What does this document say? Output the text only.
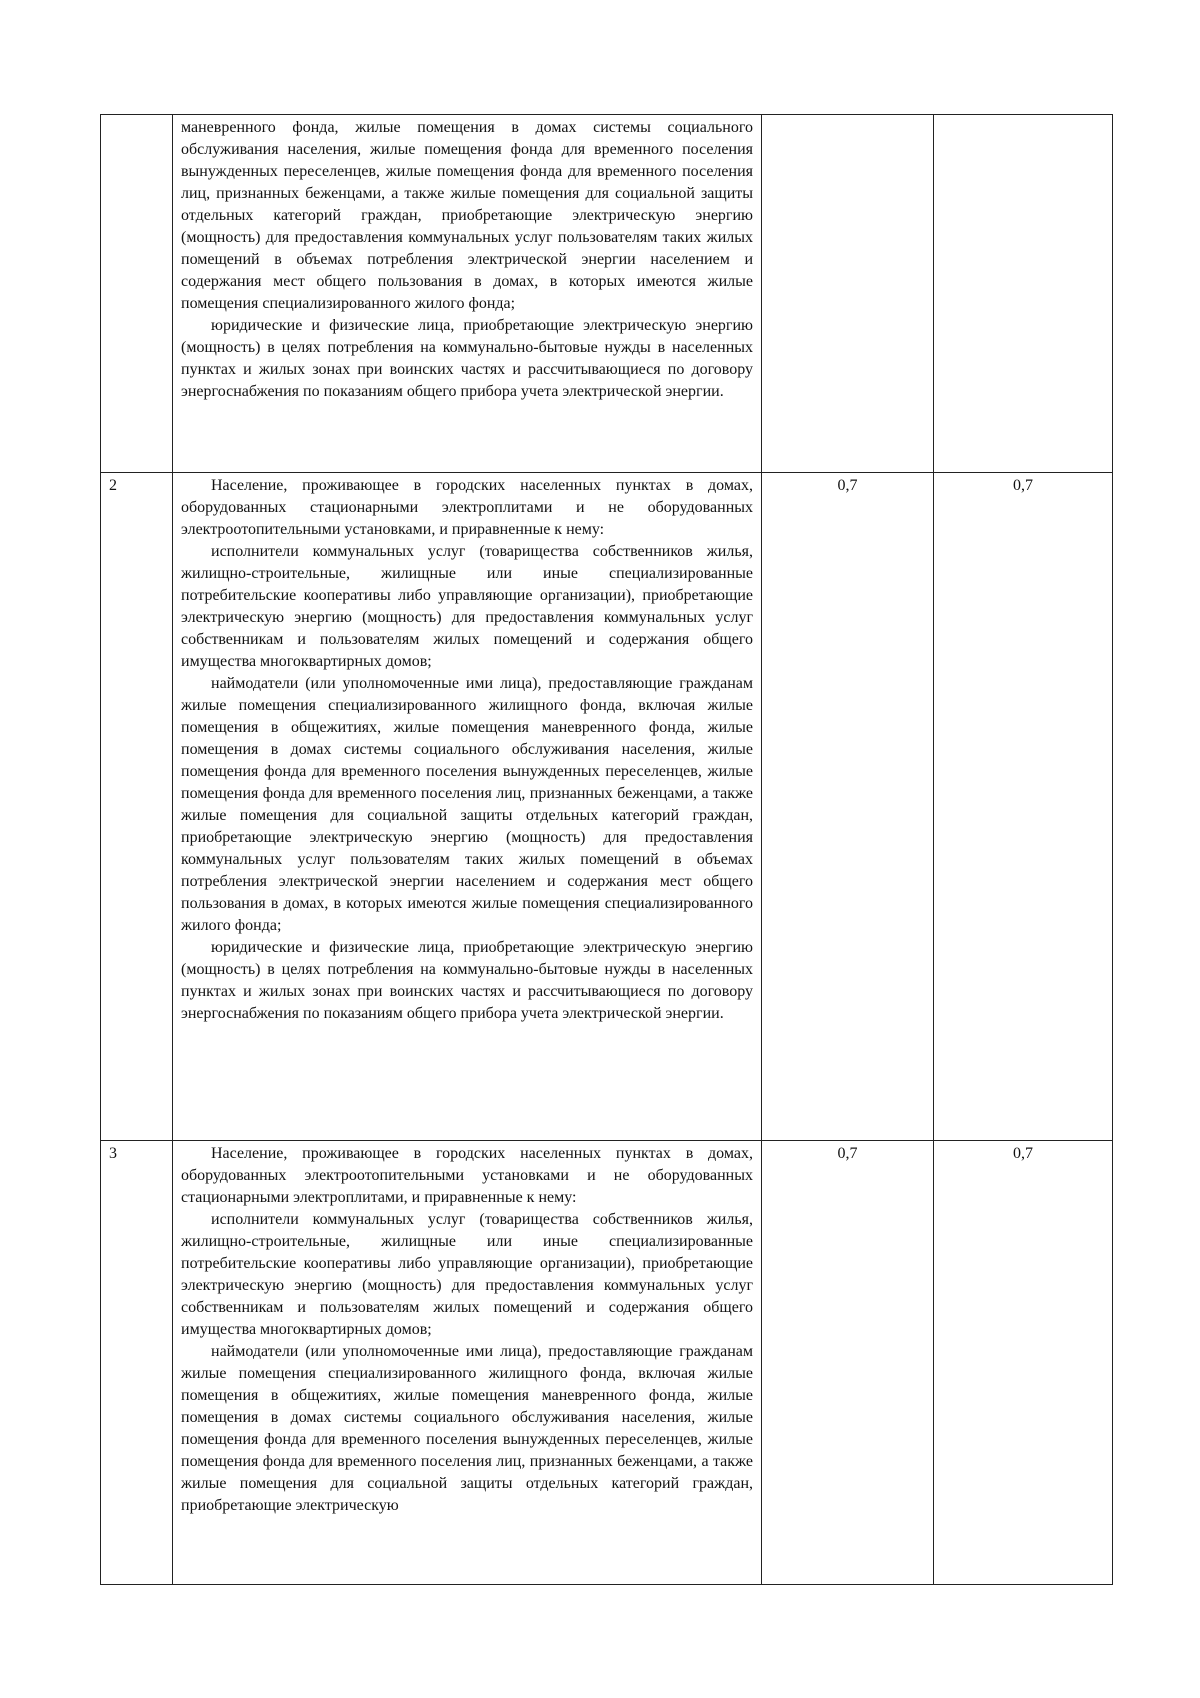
	маневренного фонда, жилые помещения в домах системы социального обслуживания населения, жилые помещения фонда для временного поселения вынужденных переселенцев, жилые помещения фонда для временного поселения лиц, признанных беженцами, а также жилые помещения для социальной защиты отдельных категорий граждан, приобретающие электрическую энергию (мощность) для предоставления коммунальных услуг пользователям таких жилых помещений в объемах потребления электрической энергии населением и содержания мест общего пользования в домах, в которых имеются жилые помещения специализированного жилого фонда;
юридические и физические лица, приобретающие электрическую энергию (мощность) в целях потребления на коммунально-бытовые нужды в населенных пунктах и жилых зонах при воинских частях и рассчитывающиеся по договору энергоснабжения по показаниям общего прибора учета электрической энергии.		

2	Население, проживающее в городских населенных пунктах в домах, оборудованных стационарными электроплитами и не оборудованных электроотопительными установками, и приравненные к нему:
исполнители коммунальных услуг (товарищества собственников жилья, жилищно-строительные, жилищные или иные специализированные потребительские кооперативы либо управляющие организации), приобретающие электрическую энергию (мощность) для предоставления коммунальных услуг собственникам и пользователям жилых помещений и содержания общего имущества многоквартирных домов;
наймодатели (или уполномоченные ими лица), предоставляющие гражданам жилые помещения специализированного жилищного фонда, включая жилые помещения в общежитиях, жилые помещения маневренного фонда, жилые помещения в домах системы социального обслуживания населения, жилые помещения фонда для временного поселения вынужденных переселенцев, жилые помещения фонда для временного поселения лиц, признанных беженцами, а также жилые помещения для социальной защиты отдельных категорий граждан, приобретающие электрическую энергию (мощность) для предоставления коммунальных услуг пользователям таких жилых помещений в объемах потребления электрической энергии населением и содержания мест общего пользования в домах, в которых имеются жилые помещения специализированного жилого фонда;
юридические и физические лица, приобретающие электрическую энергию (мощность) в целях потребления на коммунально-бытовые нужды в населенных пунктах и жилых зонах при воинских частях и рассчитывающиеся по договору энергоснабжения по показаниям общего прибора учета электрической энергии.	0,7	0,7
3	Население, проживающее в городских населенных пунктах в домах, оборудованных электроотопительными установками и не оборудованных стационарными электроплитами, и приравненные к нему:
исполнители коммунальных услуг (товарищества собственников жилья, жилищно-строительные, жилищные или иные специализированные потребительские кооперативы либо управляющие организации), приобретающие электрическую энергию (мощность) для предоставления коммунальных услуг собственникам и пользователям жилых помещений и содержания общего имущества многоквартирных домов;
наймодатели (или уполномоченные ими лица), предоставляющие гражданам жилые помещения специализированного жилищного фонда, включая жилые помещения в общежитиях, жилые помещения маневренного фонда, жилые помещения в домах системы социального обслуживания населения, жилые помещения фонда для временного поселения вынужденных переселенцев, жилые помещения фонда для временного поселения лиц, признанных беженцами, а также жилые помещения для социальной защиты отдельных категорий граждан, приобретающие электрическую	0,7	0,7
